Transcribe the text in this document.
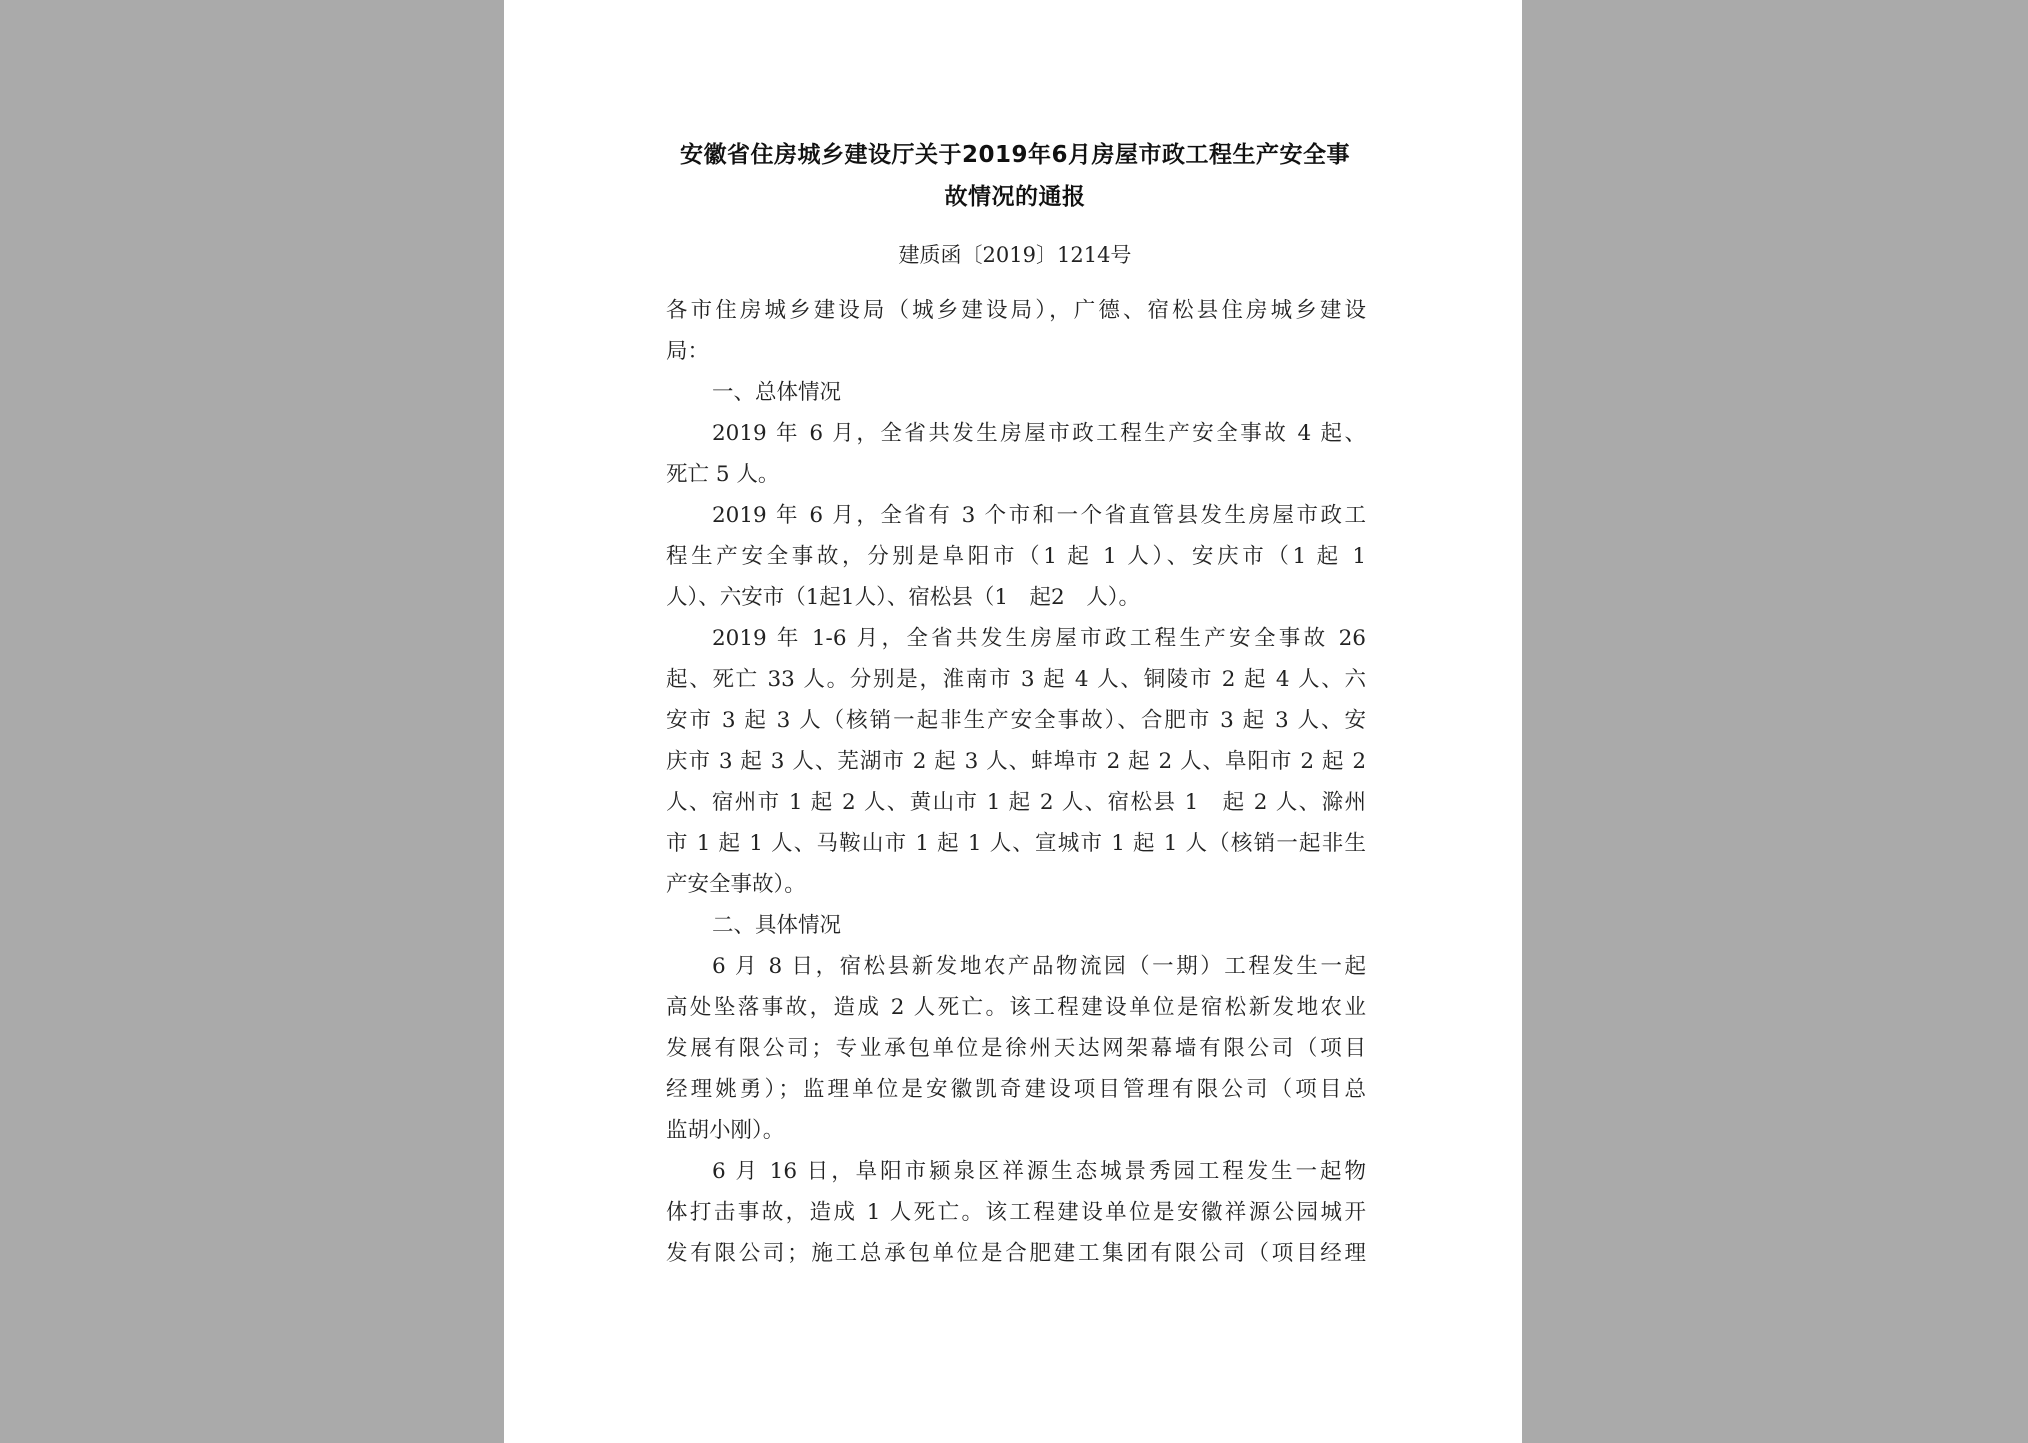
安徽省住房城乡建设厅关于2019年6月房屋市政工程生产安全事
故情况的通报
建质函〔2019〕1214号
各市住房城乡建设局（城乡建设局），广德、宿松县住房城乡建设
局：
一、总体情况
2019 年 6 月，全省共发生房屋市政工程生产安全事故 4 起、
死亡 5 人。
2019 年 6 月，全省有 3 个市和一个省直管县发生房屋市政工
程生产安全事故，分别是阜阳市（1 起 1 人）、安庆市（1 起 1
人）、六安市（1起1人）、宿松县（1　起2　人）。
2019 年 1-6 月，全省共发生房屋市政工程生产安全事故 26
起、死亡 33 人。分别是，淮南市 3 起 4 人、铜陵市 2 起 4 人、六
安市 3 起 3 人（核销一起非生产安全事故）、合肥市 3 起 3 人、安
庆市 3 起 3 人、芜湖市 2 起 3 人、蚌埠市 2 起 2 人、阜阳市 2 起 2
人、宿州市 1 起 2 人、黄山市 1 起 2 人、宿松县 1　起 2 人、滁州
市 1 起 1 人、马鞍山市 1 起 1 人、宣城市 1 起 1 人（核销一起非生
产安全事故）。
二、具体情况
6 月 8 日，宿松县新发地农产品物流园（一期）工程发生一起
高处坠落事故，造成 2 人死亡。该工程建设单位是宿松新发地农业
发展有限公司；专业承包单位是徐州天达网架幕墙有限公司（项目
经理姚勇）；监理单位是安徽凯奇建设项目管理有限公司（项目总
监胡小刚）。
6 月 16 日，阜阳市颍泉区祥源生态城景秀园工程发生一起物
体打击事故，造成 1 人死亡。该工程建设单位是安徽祥源公园城开
发有限公司；施工总承包单位是合肥建工集团有限公司（项目经理
